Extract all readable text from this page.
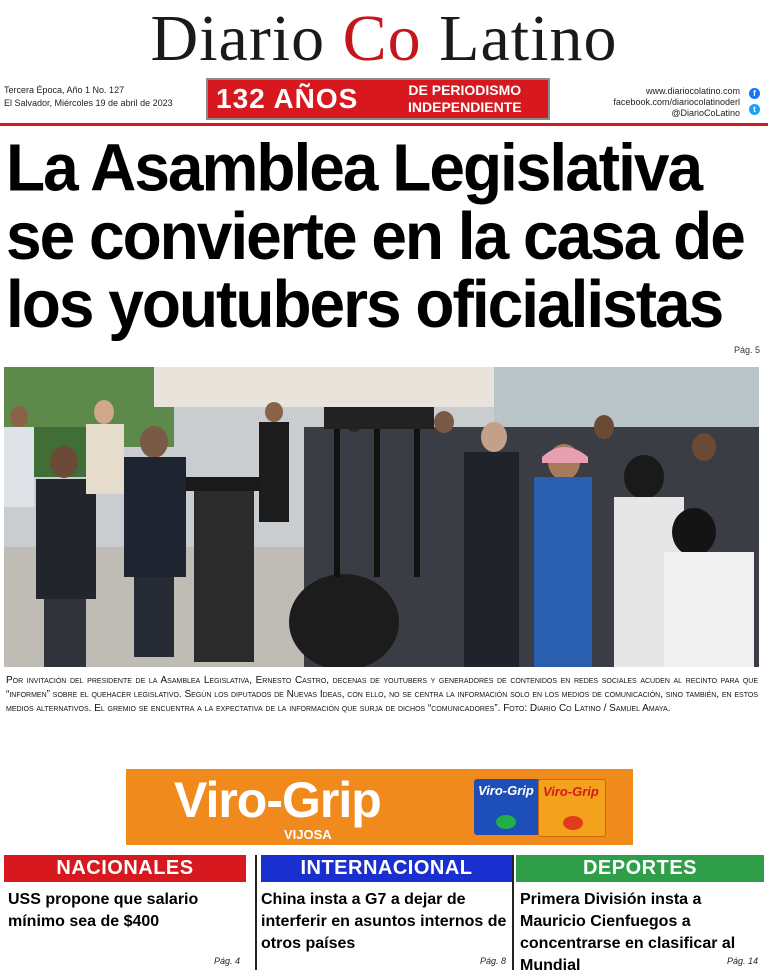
Diario Co Latino
Tercera Época, Año 1 No. 127
El Salvador, Miércoles 19 de abril de 2023 132 AÑOS	DE PERIODISMO
INDEPENDIENTE
www.diariocolatino.com
facebook.com/diariocolatinoderl
@DiarioCoLatino
f
t
La Asamblea Legislativa se convierte en la casa de los youtubers oficialistas
Pág. 5
Por invitación del presidente de la Asamblea Legislativa, Ernesto Castro, decenas de youtubers y generadores de contenidos en redes sociales acuden al recinto para que “informen” sobre el quehacer legislativo. Según los diputados de Nuevas Ideas, con ello, no se centra la información solo en los medios de comunicación, sino también, en estos medios alternativos. El gremio se encuentra a la expectativa de la información que surja de dichos “comunicadores”. Foto: Diario Co Latino / Samuel Amaya.
Viro-Grip
VIJOSA
Viro-Grip Viro-Grip
NACIONALES
USS propone que salario mínimo sea de $400
Pág. 4
INTERNACIONAL
China insta a G7 a dejar de interferir en asuntos internos de otros países
Pág. 8
DEPORTES
Primera División insta a Mauricio Cienfuegos a concentrarse en clasificar al Mundial	Pág. 14
